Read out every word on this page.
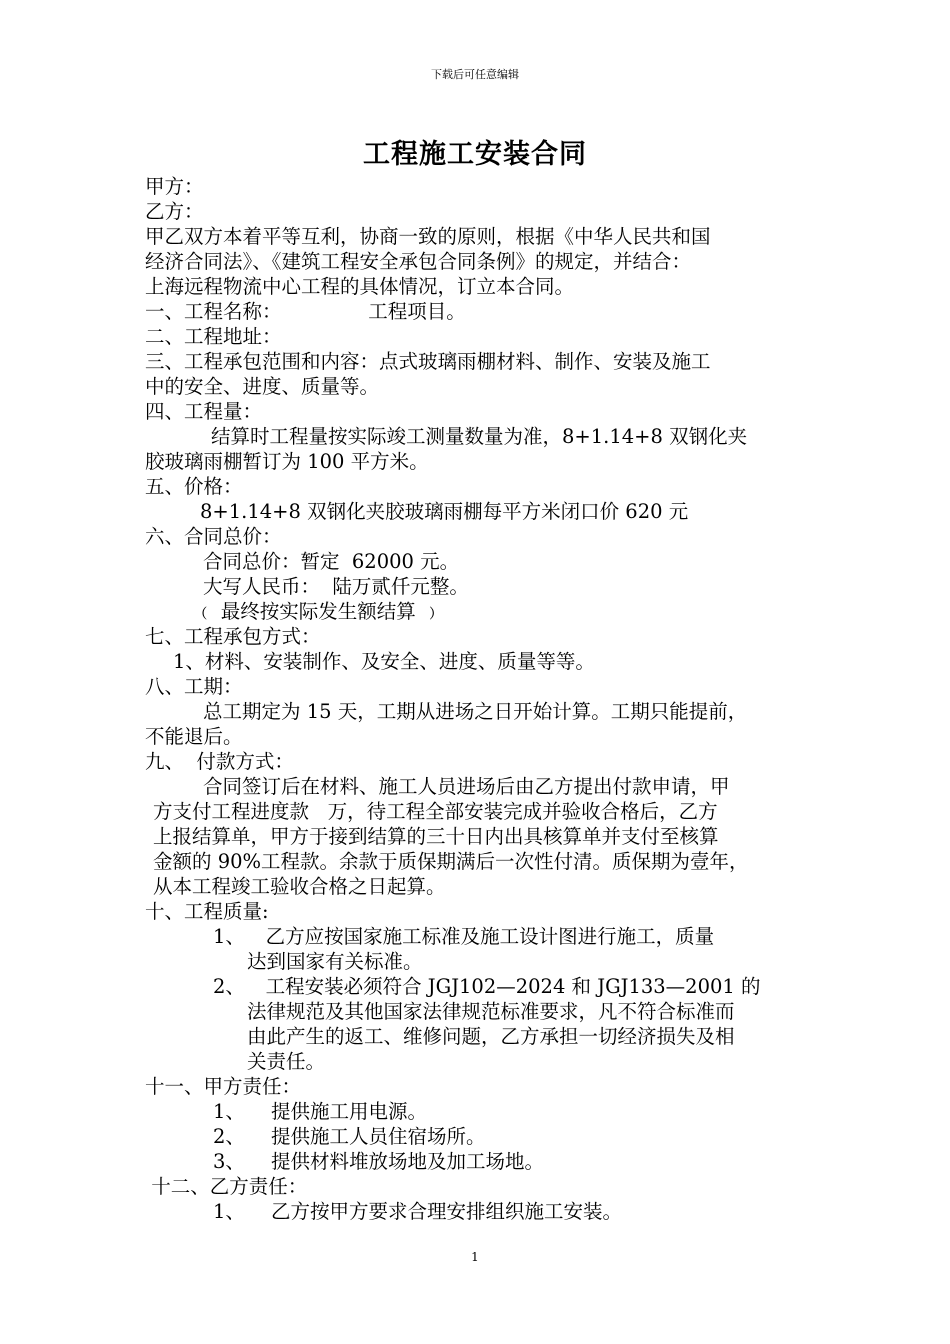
下载后可任意编辑
工程施工安装合同
甲方：
乙方：
甲乙双方本着平等互利，协商一致的原则，根据《中华人民共和国
经济合同法》、《建筑工程安全承包合同条例》的规定，并结合：
上海远程物流中心工程的具体情况，订立本合同。
一、工程名称：              工程项目。
二、工程地址：
三、工程承包范围和内容：点式玻璃雨棚材料、制作、安装及施工
中的安全、进度、质量等。
四、工程量：
结算时工程量按实际竣工测量数量为准，8+1.14+8 双钢化夹
胶玻璃雨棚暂订为 100 平方米。
五、价格：
8+1.14+8 双钢化夹胶玻璃雨棚每平方米闭口价 620 元
六、合同总价：
合同总价：暂定  62000 元。
大写人民币：  陆万贰仟元整。
﹙ 最终按实际发生额结算 ﹚
七、工程承包方式：
1、材料、安装制作、及安全、进度、质量等等。
八、工期：
总工期定为 15 天，工期从进场之日开始计算。工期只能提前，
不能退后。
九、  付款方式：
合同签订后在材料、施工人员进场后由乙方提出付款申请，甲
方支付工程进度款   万，待工程全部安装完成并验收合格后，乙方
上报结算单，甲方于接到结算的三十日内出具核算单并支付至核算
金额的 90%工程款。余款于质保期满后一次性付清。质保期为壹年，
从本工程竣工验收合格之日起算。
十、工程质量:
1、 乙方应按国家施工标准及施工设计图进行施工，质量
达到国家有关标准。
2、 工程安装必须符合 JGJ102—2024 和 JGJ133—2001 的
法律规范及其他国家法律规范标准要求，凡不符合标准而
由此产生的返工、维修问题，乙方承担一切经济损失及相
关责任。
十一、甲方责任：
1、 提供施工用电源。
2、 提供施工人员住宿场所。
3、 提供材料堆放场地及加工场地。
十二、乙方责任：
1、 乙方按甲方要求合理安排组织施工安装。
1
